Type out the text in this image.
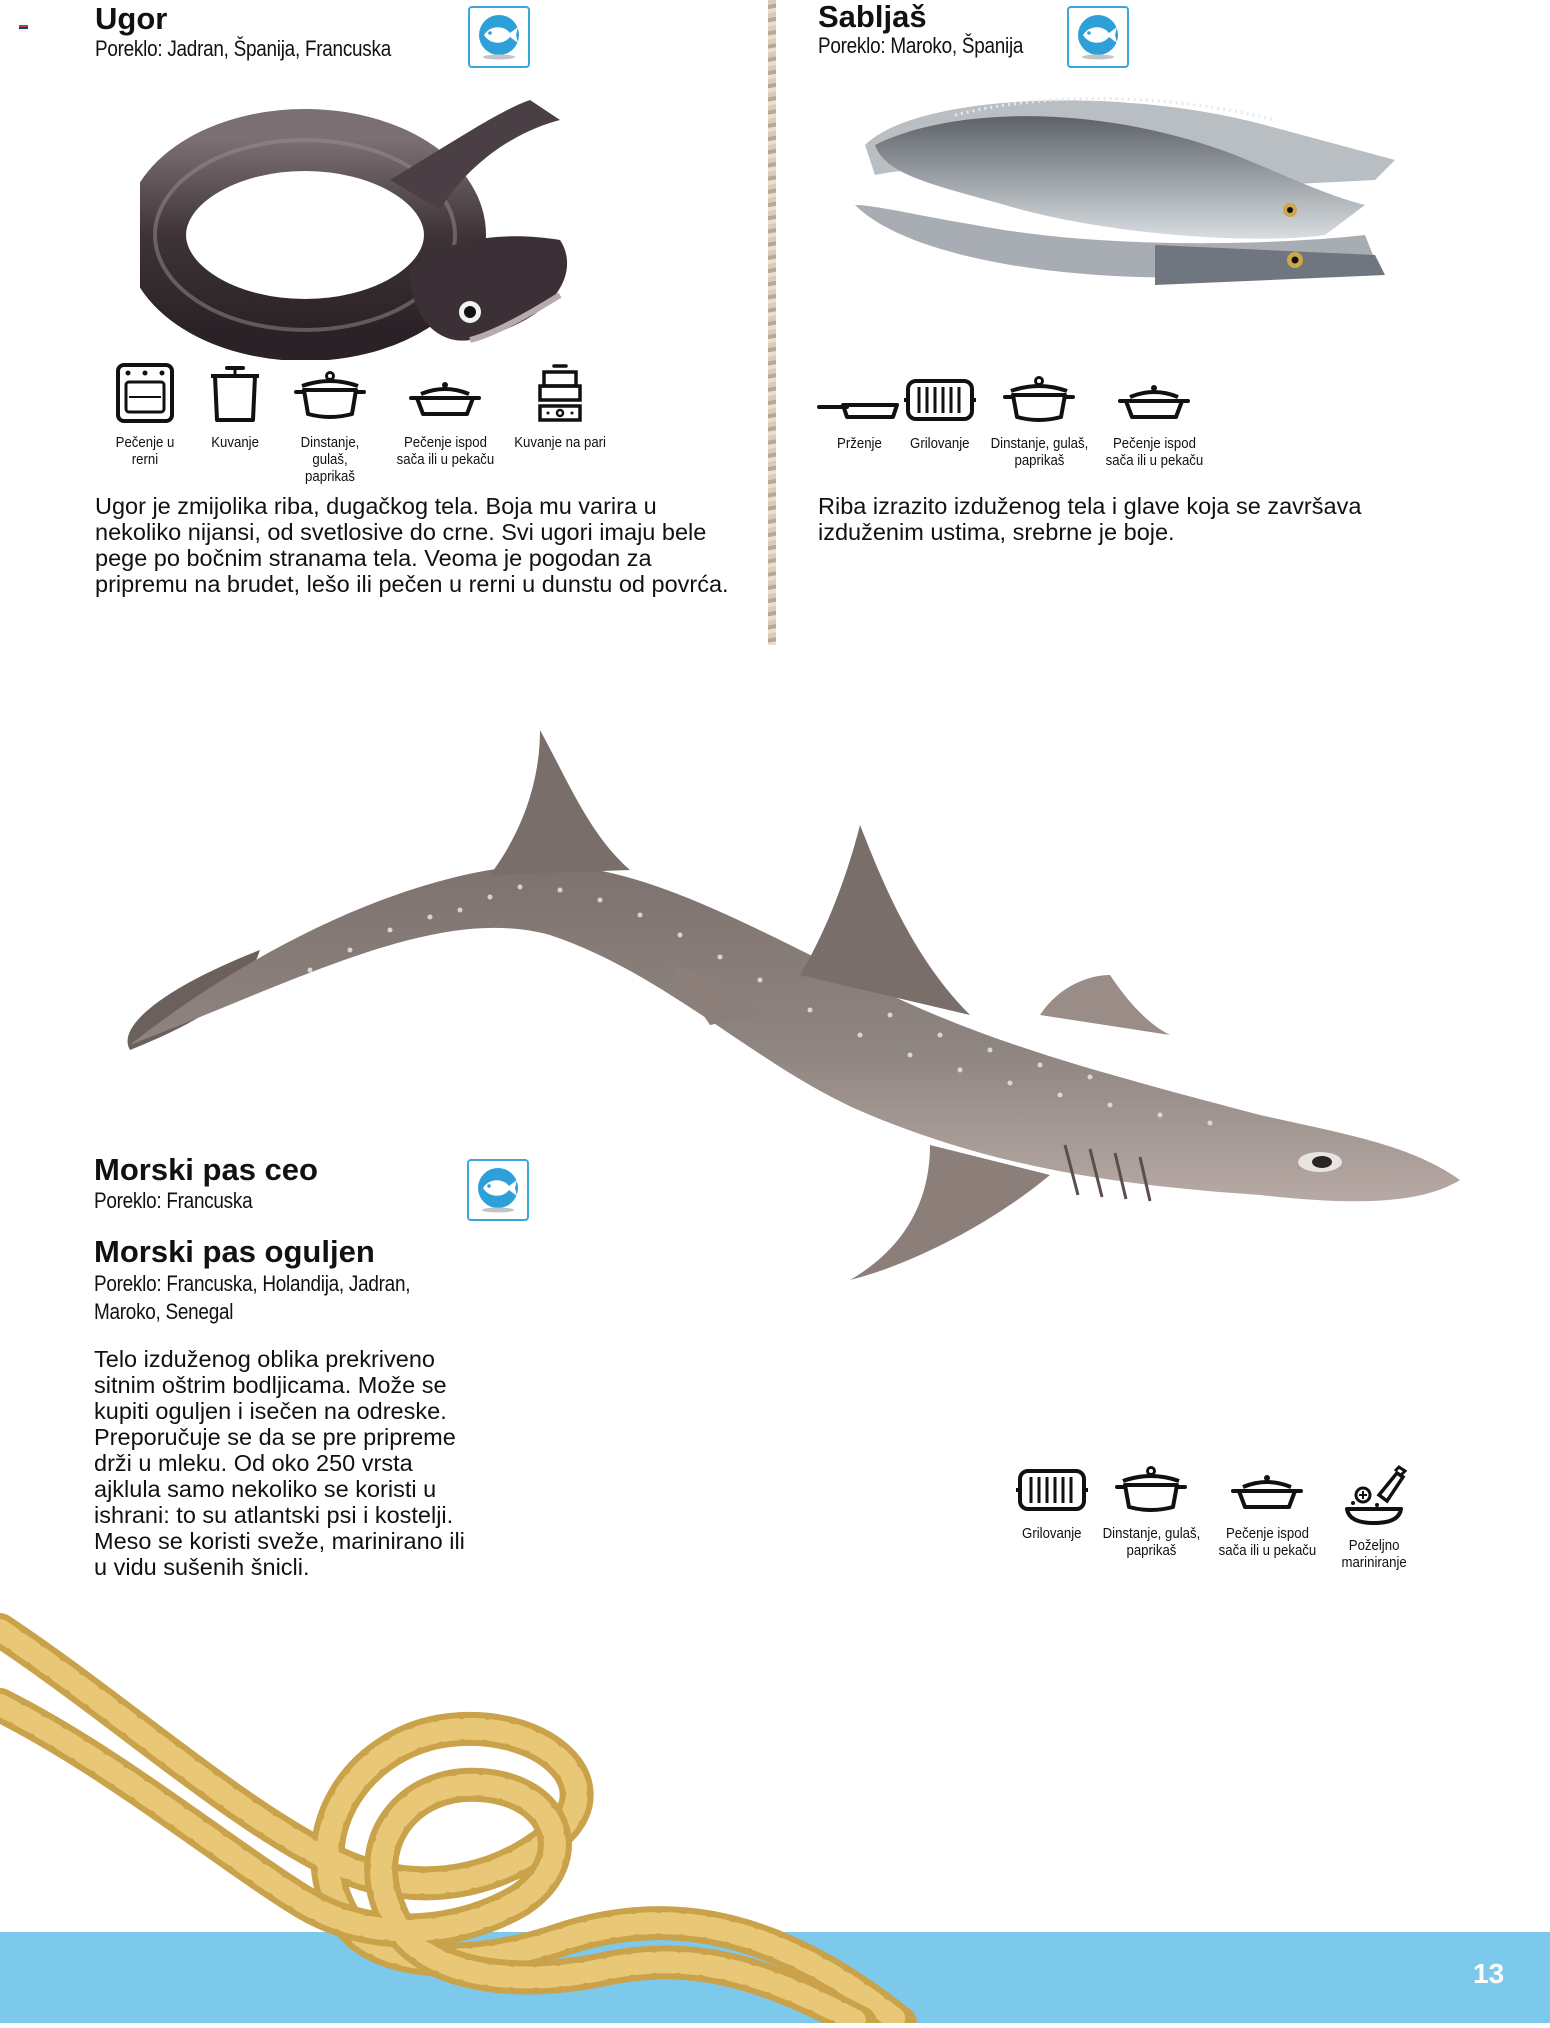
Ugor
Poreklo: Jadran, Španija, Francuska
Pečenje u rerni
Kuvanje	Dinstanje, gulaš,
paprikaš
Pečenje ispod
sača ili u pekaču
Kuvanje na pari

Ugor je zmijolika riba, dugačkog tela. Boja mu varira u nekoliko nijansi, od svetlosive do crne. Svi ugori imaju bele pege po bočnim stranama tela. Veoma je pogodan za pripremu na brudet, lešo ili pečen u rerni u dunstu od povrća.

Sabljaš
Poreklo: Maroko, Španija
Prženje Grilovanje Dinstanje, gulaš,
paprikaš
Pečenje ispod
sača ili u pekaču

Riba izrazito izduženog tela i glave koja se završava izduženim ustima, srebrne je boje.

Morski pas ceo
Poreklo: Francuska
Morski pas oguljen
Poreklo: Francuska, Holandija, Jadran, Maroko, Senegal

Telo izduženog oblika prekriveno sitnim oštrim bodljicama. Može se kupiti oguljen i isečen na odreske. Preporučuje se da se pre pripreme drži u mleku. Od oko 250 vrsta ajklula samo nekoliko se koristi u ishrani: to su atlantski psi i kostelji. Meso se koristi sveže, marinirano ili u vidu sušenih šnicli.

Grilovanje Dinstanje, gulaš,
paprikaš
Pečenje ispod
sača ili u pekaču	Poželjno
mariniranje
13
